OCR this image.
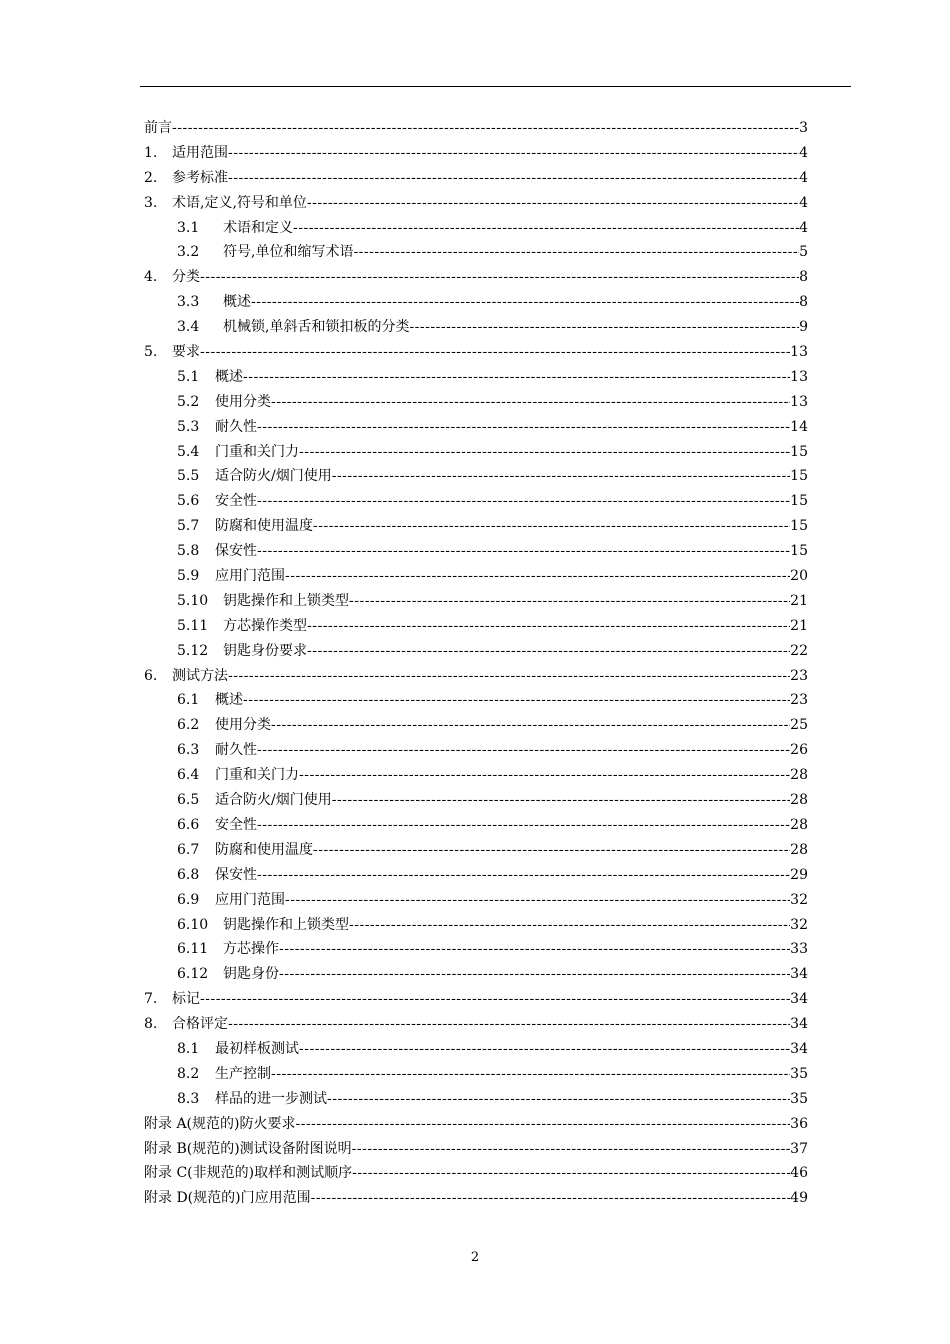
前言 -----	3
1.	适用范围 -----	4
2.	参考标准 -----	4
3.	术语,定义,符号和单位 -----	4
3.1	术语和定义 -----	4
3.2	符号,单位和缩写术语 -----	5
4.	分类 -----	8
3.3	概述 -----	8
3.4	机械锁,单斜舌和锁扣板的分类 -----	9
5.	要求 -----	13
5.1	概述 -----	13
5.2	使用分类 -----	13
5.3	耐久性 -----	14
5.4	门重和关门力 -----	15
5.5	适合防火/烟门使用 -----	15
5.6	安全性 -----	15
5.7	防腐和使用温度 -----	15
5.8	保安性 -----	15
5.9	应用门范围 -----	20
5.10	钥匙操作和上锁类型 -----	21
5.11	方芯操作类型 -----	21
5.12	钥匙身份要求 -----	22
6.	测试方法 -----	23
6.1	概述 -----	23
6.2	使用分类 -----	25
6.3	耐久性 -----	26
6.4	门重和关门力 -----	28
6.5	适合防火/烟门使用 -----	28
6.6	安全性 -----	28
6.7	防腐和使用温度 -----	28
6.8	保安性 -----	29
6.9	应用门范围 -----	32
6.10	钥匙操作和上锁类型 -----	32
6.11	方芯操作 -----	33
6.12	钥匙身份 -----	34
7.	标记 -----	34
8.	合格评定 -----	34
8.1	最初样板测试 -----	34
8.2	生产控制 -----	35
8.3	样品的进一步测试 -----	35
附录 A(规范的)防火要求 -----	36
附录 B(规范的)测试设备附图说明 -----	37
附录 C(非规范的)取样和测试顺序 -----	46
附录 D(规范的)门应用范围 -----	49
2
